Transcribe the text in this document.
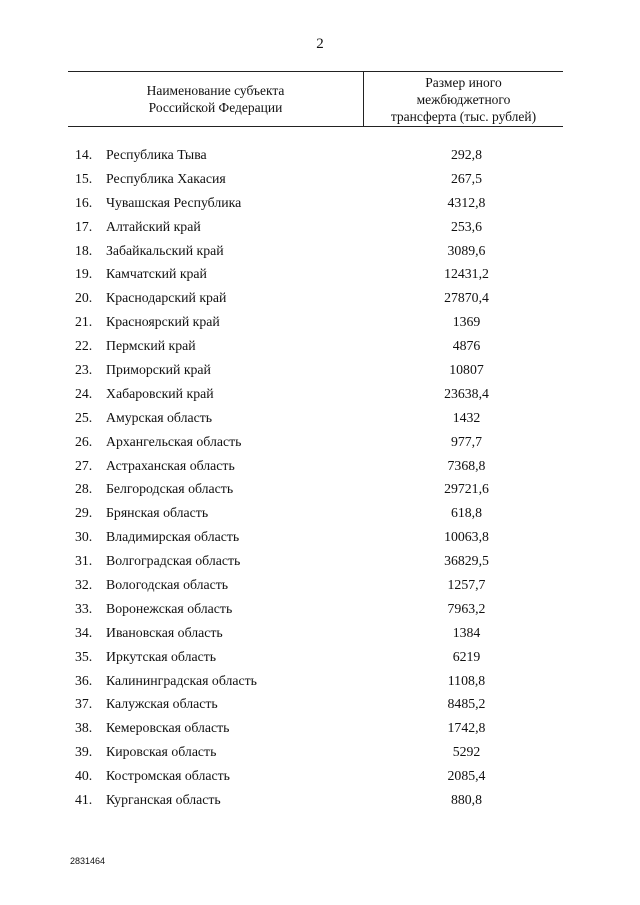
2
Наименование субъекта
Российской Федерации
Размер иного
межбюджетного
трансферта (тыс. рублей)
14. Республика Тыва	292,8
15. Республика Хакасия	267,5
16. Чувашская Республика	4312,8
17. Алтайский край	253,6
18. Забайкальский край	3089,6
19. Камчатский край	12431,2
20. Краснодарский край	27870,4
21. Красноярский край	1369
22. Пермский край	4876
23. Приморский край	10807
24. Хабаровский край	23638,4
25. Амурская область	1432
26. Архангельская область	977,7
27. Астраханская область	7368,8
28. Белгородская область	29721,6
29. Брянская область	618,8
30. Владимирская область	10063,8
31. Волгоградская область	36829,5
32. Вологодская область	1257,7
33. Воронежская область	7963,2
34. Ивановская область	1384
35. Иркутская область	6219
36. Калининградская область	1108,8
37. Калужская область	8485,2
38. Кемеровская область	1742,8
39. Кировская область	5292
40. Костромская область	2085,4
41. Курганская область	880,8
2831464
